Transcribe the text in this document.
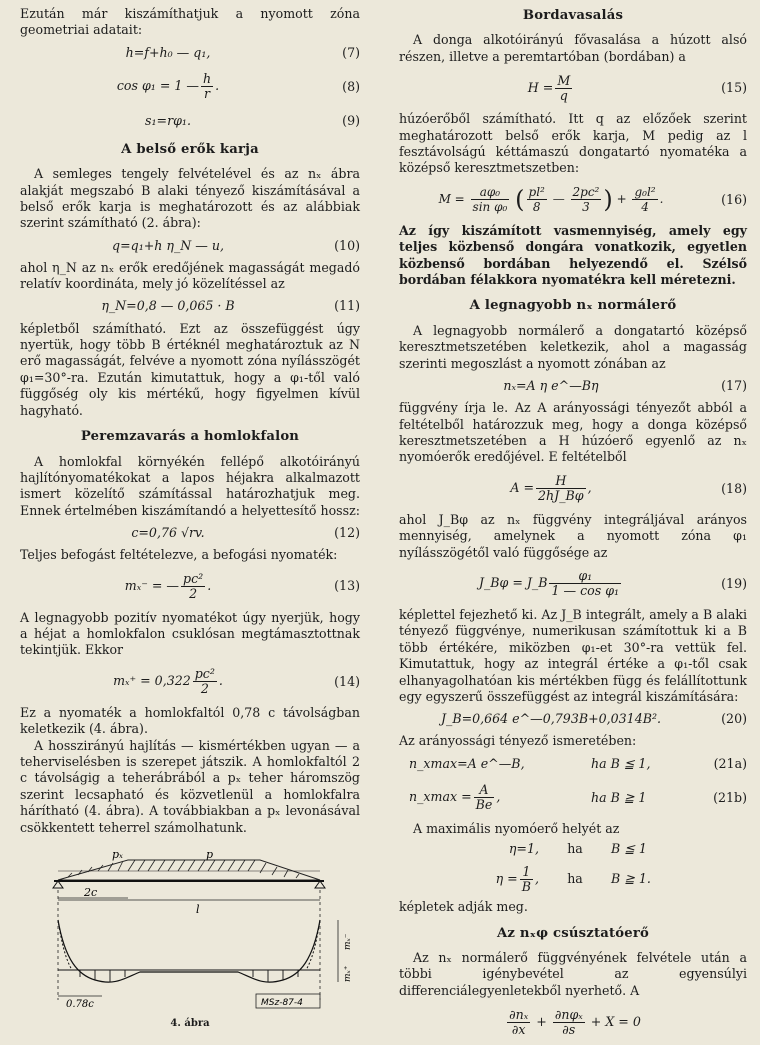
Ezután már kiszámíthatjuk a nyomott zóna geometriai adatait:

h=f+h₀ — q₁,	(7)
cos φ₁ = 1 — $\frac{h}{r}$ .	(8)
s₁=rφ₁.	(9)
A belső erők karja

A semleges tengely felvételével és az nₓ ábra alakját megszabó B alaki tényező kiszámításával a belső erők karja is meghatározott és az alábbiak szerint számítható (2. ábra):

q=q₁+h η_N — u,	(10)

ahol η_N az nₓ erők eredőjének magasságát megadó relatív koordináta, mely jó közelítéssel az

η_N=0,8 — 0,065 · B	(11)

képletből számítható. Ezt az összefüggést úgy nyertük, hogy több B értéknél meghatároztuk az N erő magasságát, felvéve a nyomott zóna nyílásszögét φ₁=30°-ra. Ezután kimutattuk, hogy a φ₁-től való függőség oly kis mértékű, hogy figyelmen kívül hagyható.

Peremzavarás a homlokfalon

A homlokfal környékén fellépő alkotóirányú hajlítónyomatékokat a lapos héjakra alkalmazott ismert közelítő számítással határozhatjuk meg. Ennek értelmében kiszámítandó a helyettesítő hossz:

c=0,76 √rv.	(12)

Teljes befogást feltételezve, a befogási nyomaték:

mₓ⁻ = — $\frac{\text{pc²}}{2}$ .	(13)

A legnagyobb pozitív nyomatékot úgy nyerjük, hogy a héjat a homlokfalon csuklósan megtámasztottnak tekintjük. Ekkor

$m_x^+ = 0,322 \frac{\text{pc²}}{2}$ .	(14)

Ez a nyomaték a homlokfaltól 0,78 c távolságban keletkezik (4. ábra).

A hosszirányú hajlítás — kismértékben ugyan — a teherviselésben is szerepet játszik. A homlokfaltól 2 c távolságig a teherábrából a pₓ teher háromszög szerint lecsapható és közvetlenül a homlokfalra hárítható (4. ábra). A továbbiakban a pₓ levonásával csökkentett teherrel számolhatunk.

pₓ	p
2c
l
mₓ⁻
mₓ⁺
0.78c	MSz-87-4
4. ábra
Bordavasalás

A donga alkotóirányú fővasalása a húzott alsó részen, illetve a peremtartóban (bordában) a

$H = \frac{M}{q}$	(15)

húzóerőből számítható. Itt q az előzőek szerint meghatározott belső erők karja, M pedig az l fesztávolságú kéttámaszú dongatartó nyomatéka a középső keresztmetszetben:

$M = \frac{\text{aφ₀}}{\text{sin φ₀}}$ ( $\frac{\text{pl²}}{8}$ — $\frac{\text{2pc²}}{3}$ ) + $\frac{\text{g₀l²}}{4}$ .	(16)

Az így kiszámított vasmennyiség, amely egy teljes közbenső dongára vonatkozik, egyetlen közbenső bordában helyezendő el. Szélső bordában félakkora nyomatékra kell méretezni.

A legnagyobb nₓ normálerő

A legnagyobb normálerő a dongatartó középső keresztmetszetében keletkezik, ahol a magasság szerinti megoszlást a nyomott zónában az

nₓ=A η e^—Bη	(17)

függvény írja le. Az A arányossági tényezőt abból a feltételből határozzuk meg, hogy a donga középső keresztmetszetében a H húzóerő egyenlő az nₓ nyomóerők eredőjével. E feltételből

$A = \frac{H}{2hJ\_B\varphi}$ ,	(18)

ahol J_Bφ az nₓ függvény integráljával arányos mennyiség, amelynek a nyomott zóna φ₁ nyílásszögétől való függősége az

J_Bφ = J_B $\frac{\text{φ₁}}{\text{1 — cos φ₁}}$	(19)

képlettel fejezhető ki. Az J_B integrált, amely a B alaki tényező függvénye, numerikusan számítottuk ki a B több értékére, miközben φ₁-et 30°-ra vettük fel. Kimutattuk, hogy az integrál értéke a φ₁-től csak elhanyagolhatóan kis mértékben függ és felállítottunk egy egyszerű összefüggést az integrál kiszámítására:

J_B=0,664 e^—0,793B+0,0314B².	(20)

Az arányossági tényező ismeretében:

n_xmax=A e^—B,	ha B ≦ 1,	(21a)
n_xmax = $\frac{A}{Be}$ ,	ha B ≧ 1	(21b)

A maximális nyomóerő helyét az

η=1,	ha	B ≦ 1
$\eta = \frac{1}{B}$ ,	ha	B ≧ 1.

képletek adják meg.

Az nₓφ csúsztatóerő

Az nₓ normálerő függvényének felvétele után a többi igénybevétel az egyensúlyi differenciálegyenletekből nyerhető. A

$\frac{\text{∂nₓ}}{\partial x} + \frac{\text{∂nφₓ}}{\partial s} + X = 0$
